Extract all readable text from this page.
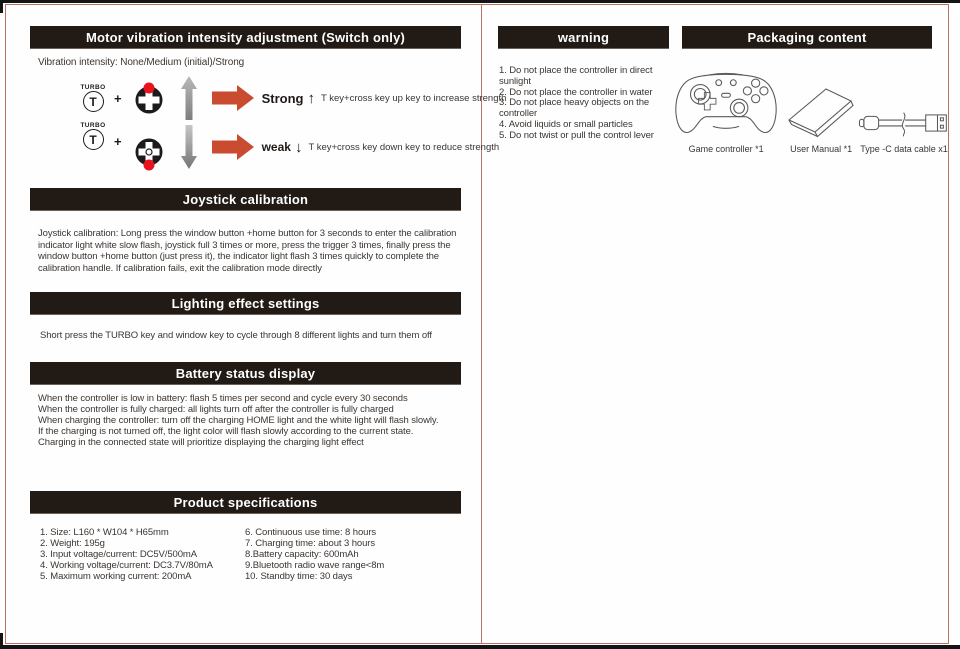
Motor vibration intensity adjustment (Switch only)
Vibration intensity: None/Medium (initial)/Strong
TURBO
T	+	Strong ↑ T key+cross key up key to increase strength
TURBO
T	+	weak ↓ T key+cross key down key to reduce strength
Joystick calibration
Joystick calibration: Long press the window button +home button for 3 seconds to enter the calibration
indicator light white slow flash, joystick full 3 times or more, press the trigger 3 times, finally press the
window button +home button (just press it), the indicator light flash 3 times quickly to complete the
calibration handle. If calibration fails, exit the calibration mode directly
Lighting effect settings
Short press the TURBO key and window key to cycle through 8 different lights and turn them off
Battery status display
When the controller is low in battery: flash 5 times per second and cycle every 30 seconds
When the controller is fully charged: all lights turn off after the controller is fully charged
When charging the controller: turn off the charging HOME light and the white light will flash slowly.
If the charging is not turned off, the light color will flash slowly according to the current state.
Charging in the connected state will prioritize displaying the charging light effect
Product specifications
1. Size: L160 * W104 * H65mm
2. Weight: 195g
3. Input voltage/current: DC5V/500mA
4. Working voltage/current: DC3.7V/80mA
5. Maximum working current: 200mA
6. Continuous use time: 8 hours
7. Charging time: about 3 hours
8.Battery capacity: 600mAh
9.Bluetooth radio wave range<8m
10. Standby time: 30 days
warning
1. Do not place the controller in direct sunlight
2. Do not place the controller in water
3. Do not place heavy objects on the controller
4. Avoid liquids or small particles
5. Do not twist or pull the control lever
Packaging content
Game controller *1	User Manual *1 Type -C data cable x1
